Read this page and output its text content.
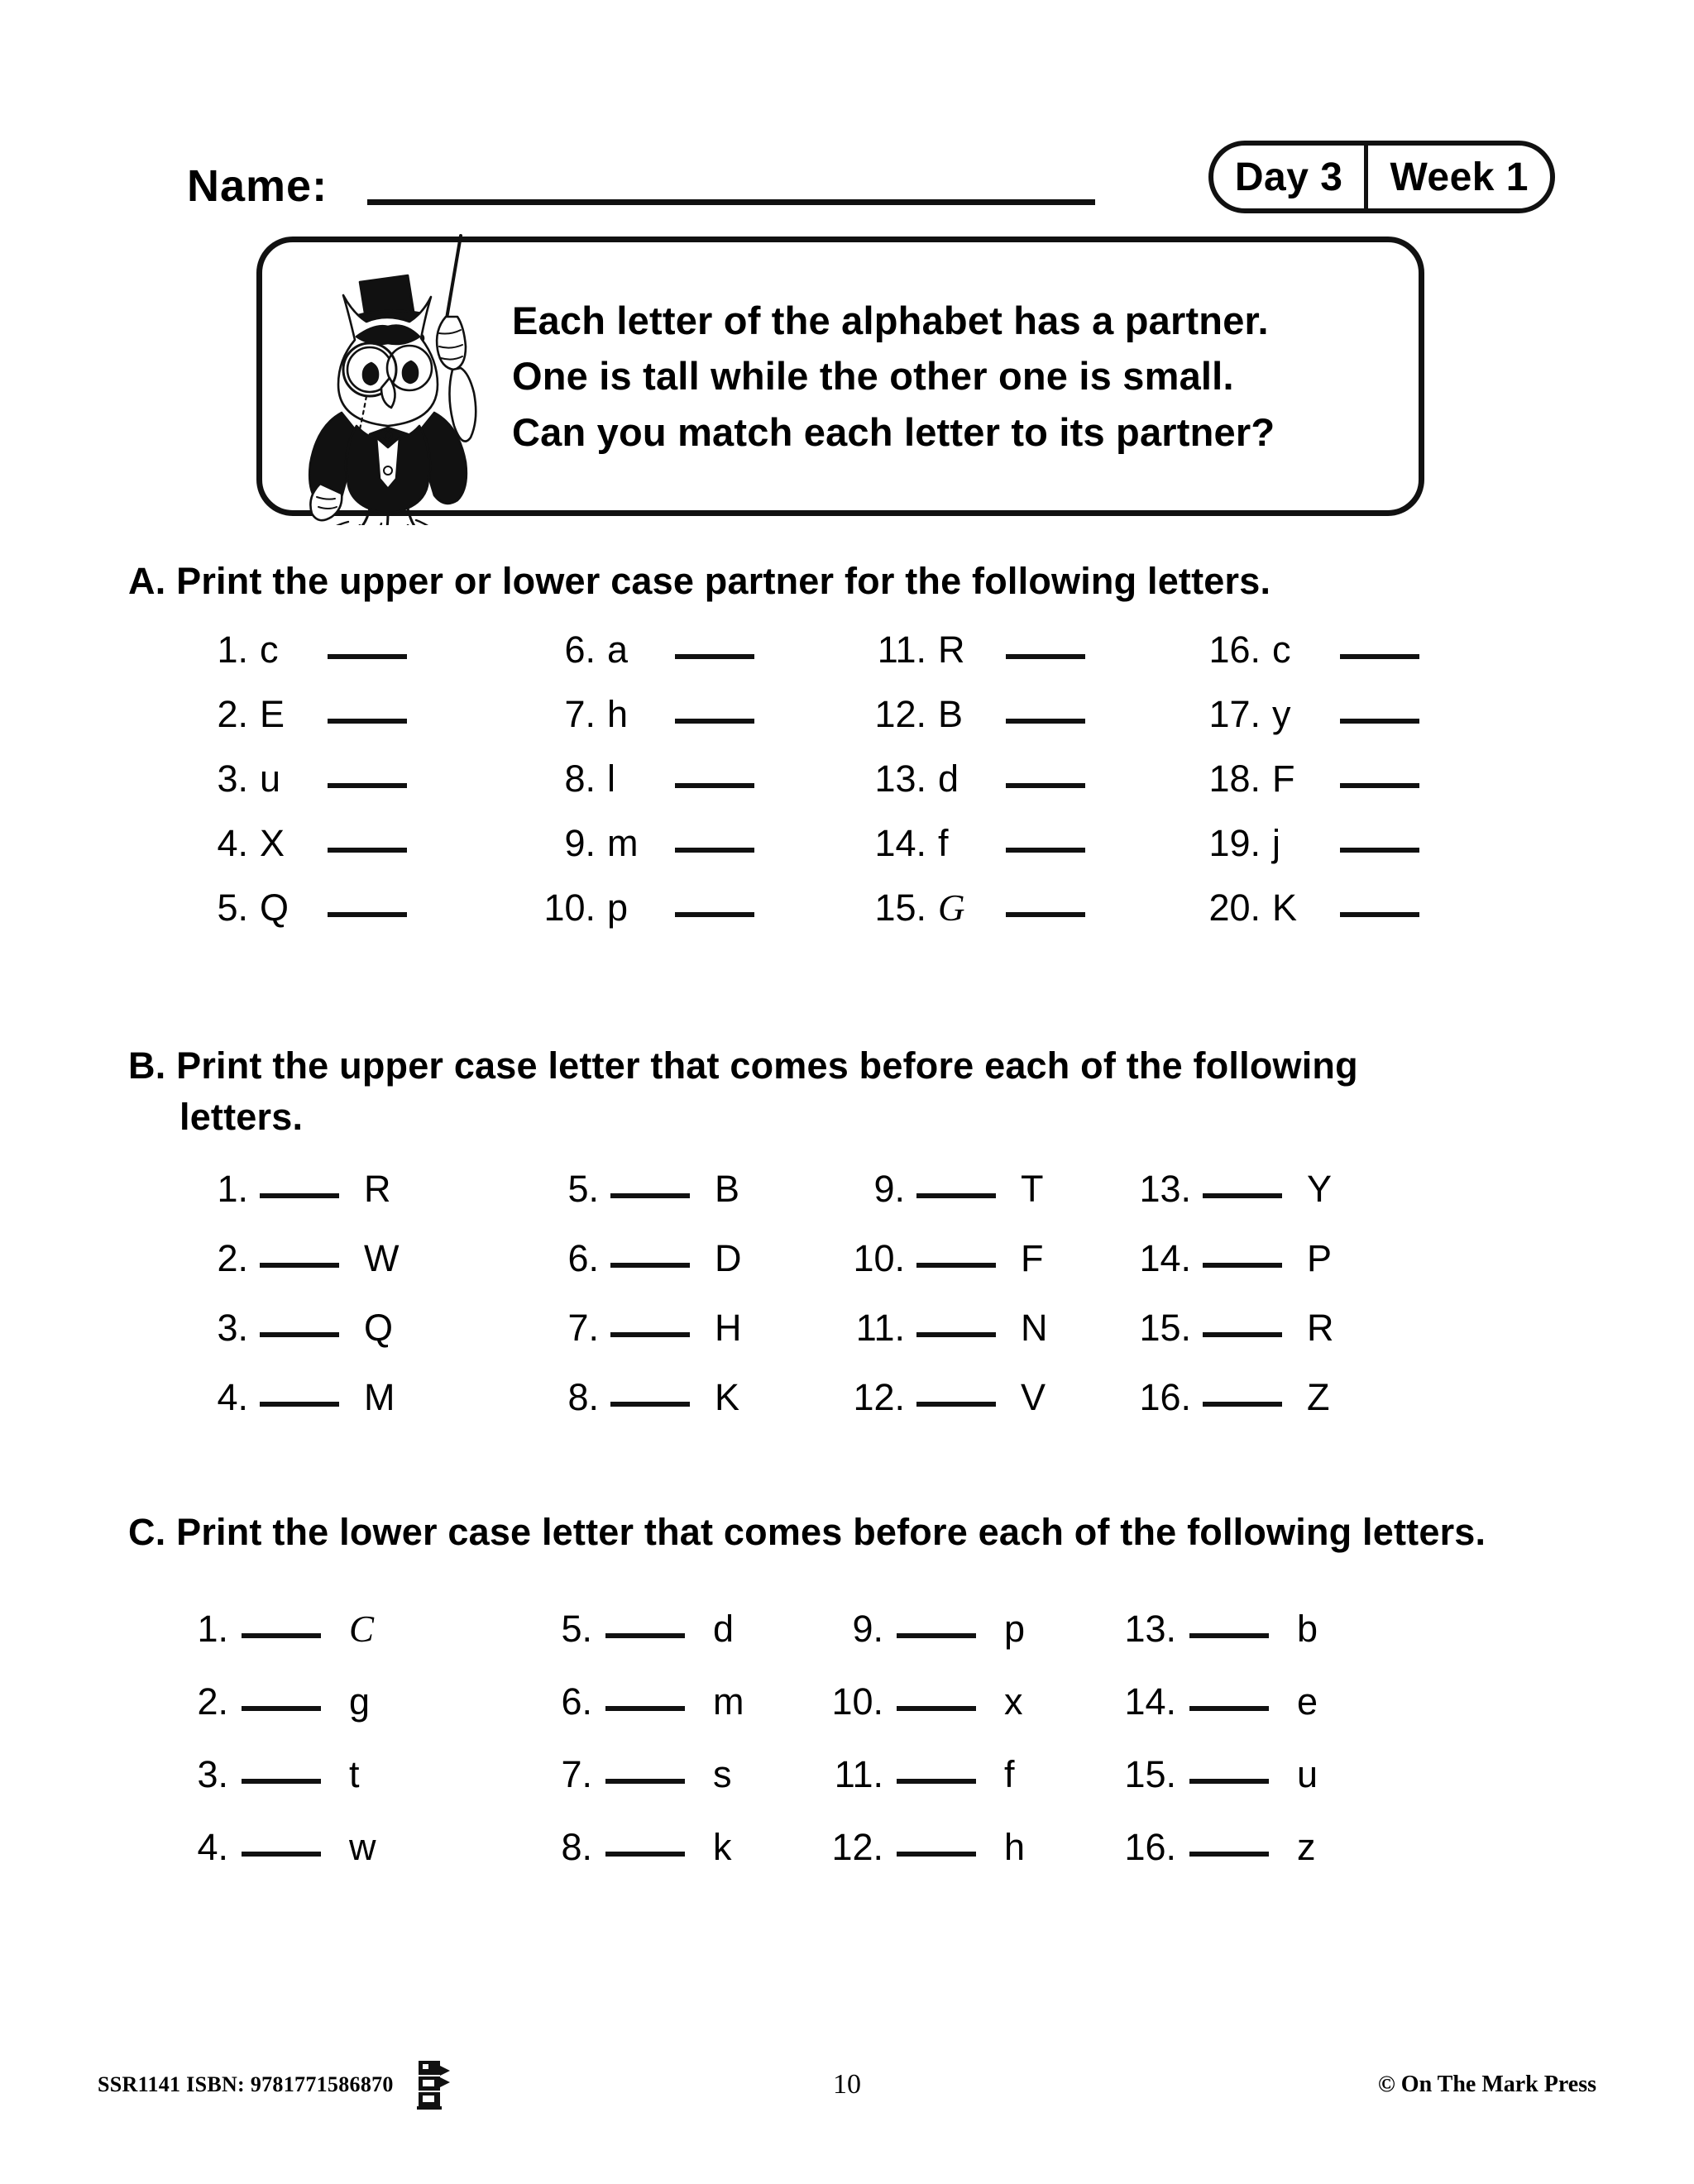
Name:	Day 3	Week 1
Each letter of the alphabet has a partner.
One is tall while the other one is small.
Can you match each letter to its partner?
A. Print the upper or lower case partner for the following letters.
1. c	6. a	11. R	16. c
2. E	7. h	12. B	17. y
3. u	8. l	13. d	18. F
4. X	9. m	14. f	19. j
5. Q	10. p	15. G	20. K
B. Print the upper case letter that comes before each of the following
letters.
1.	R	5.	B	9.	T	13.	Y
2.	W	6.	D	10.	F	14.	P
3.	Q	7.	H	11.	N	15.	R
4.	M	8.	K	12.	V	16.	Z
C. Print the lower case letter that comes before each of the following letters.
1.	C	5.	d	9.	p	13.	b
2.	g	6.	m 10.	x	14.	e
3.	t	7.	s	11.	f	15.	u
4.	w	8.	k	12.	h	16.	z
SSR1141 ISBN: 9781771586870	10	© On The Mark Press
